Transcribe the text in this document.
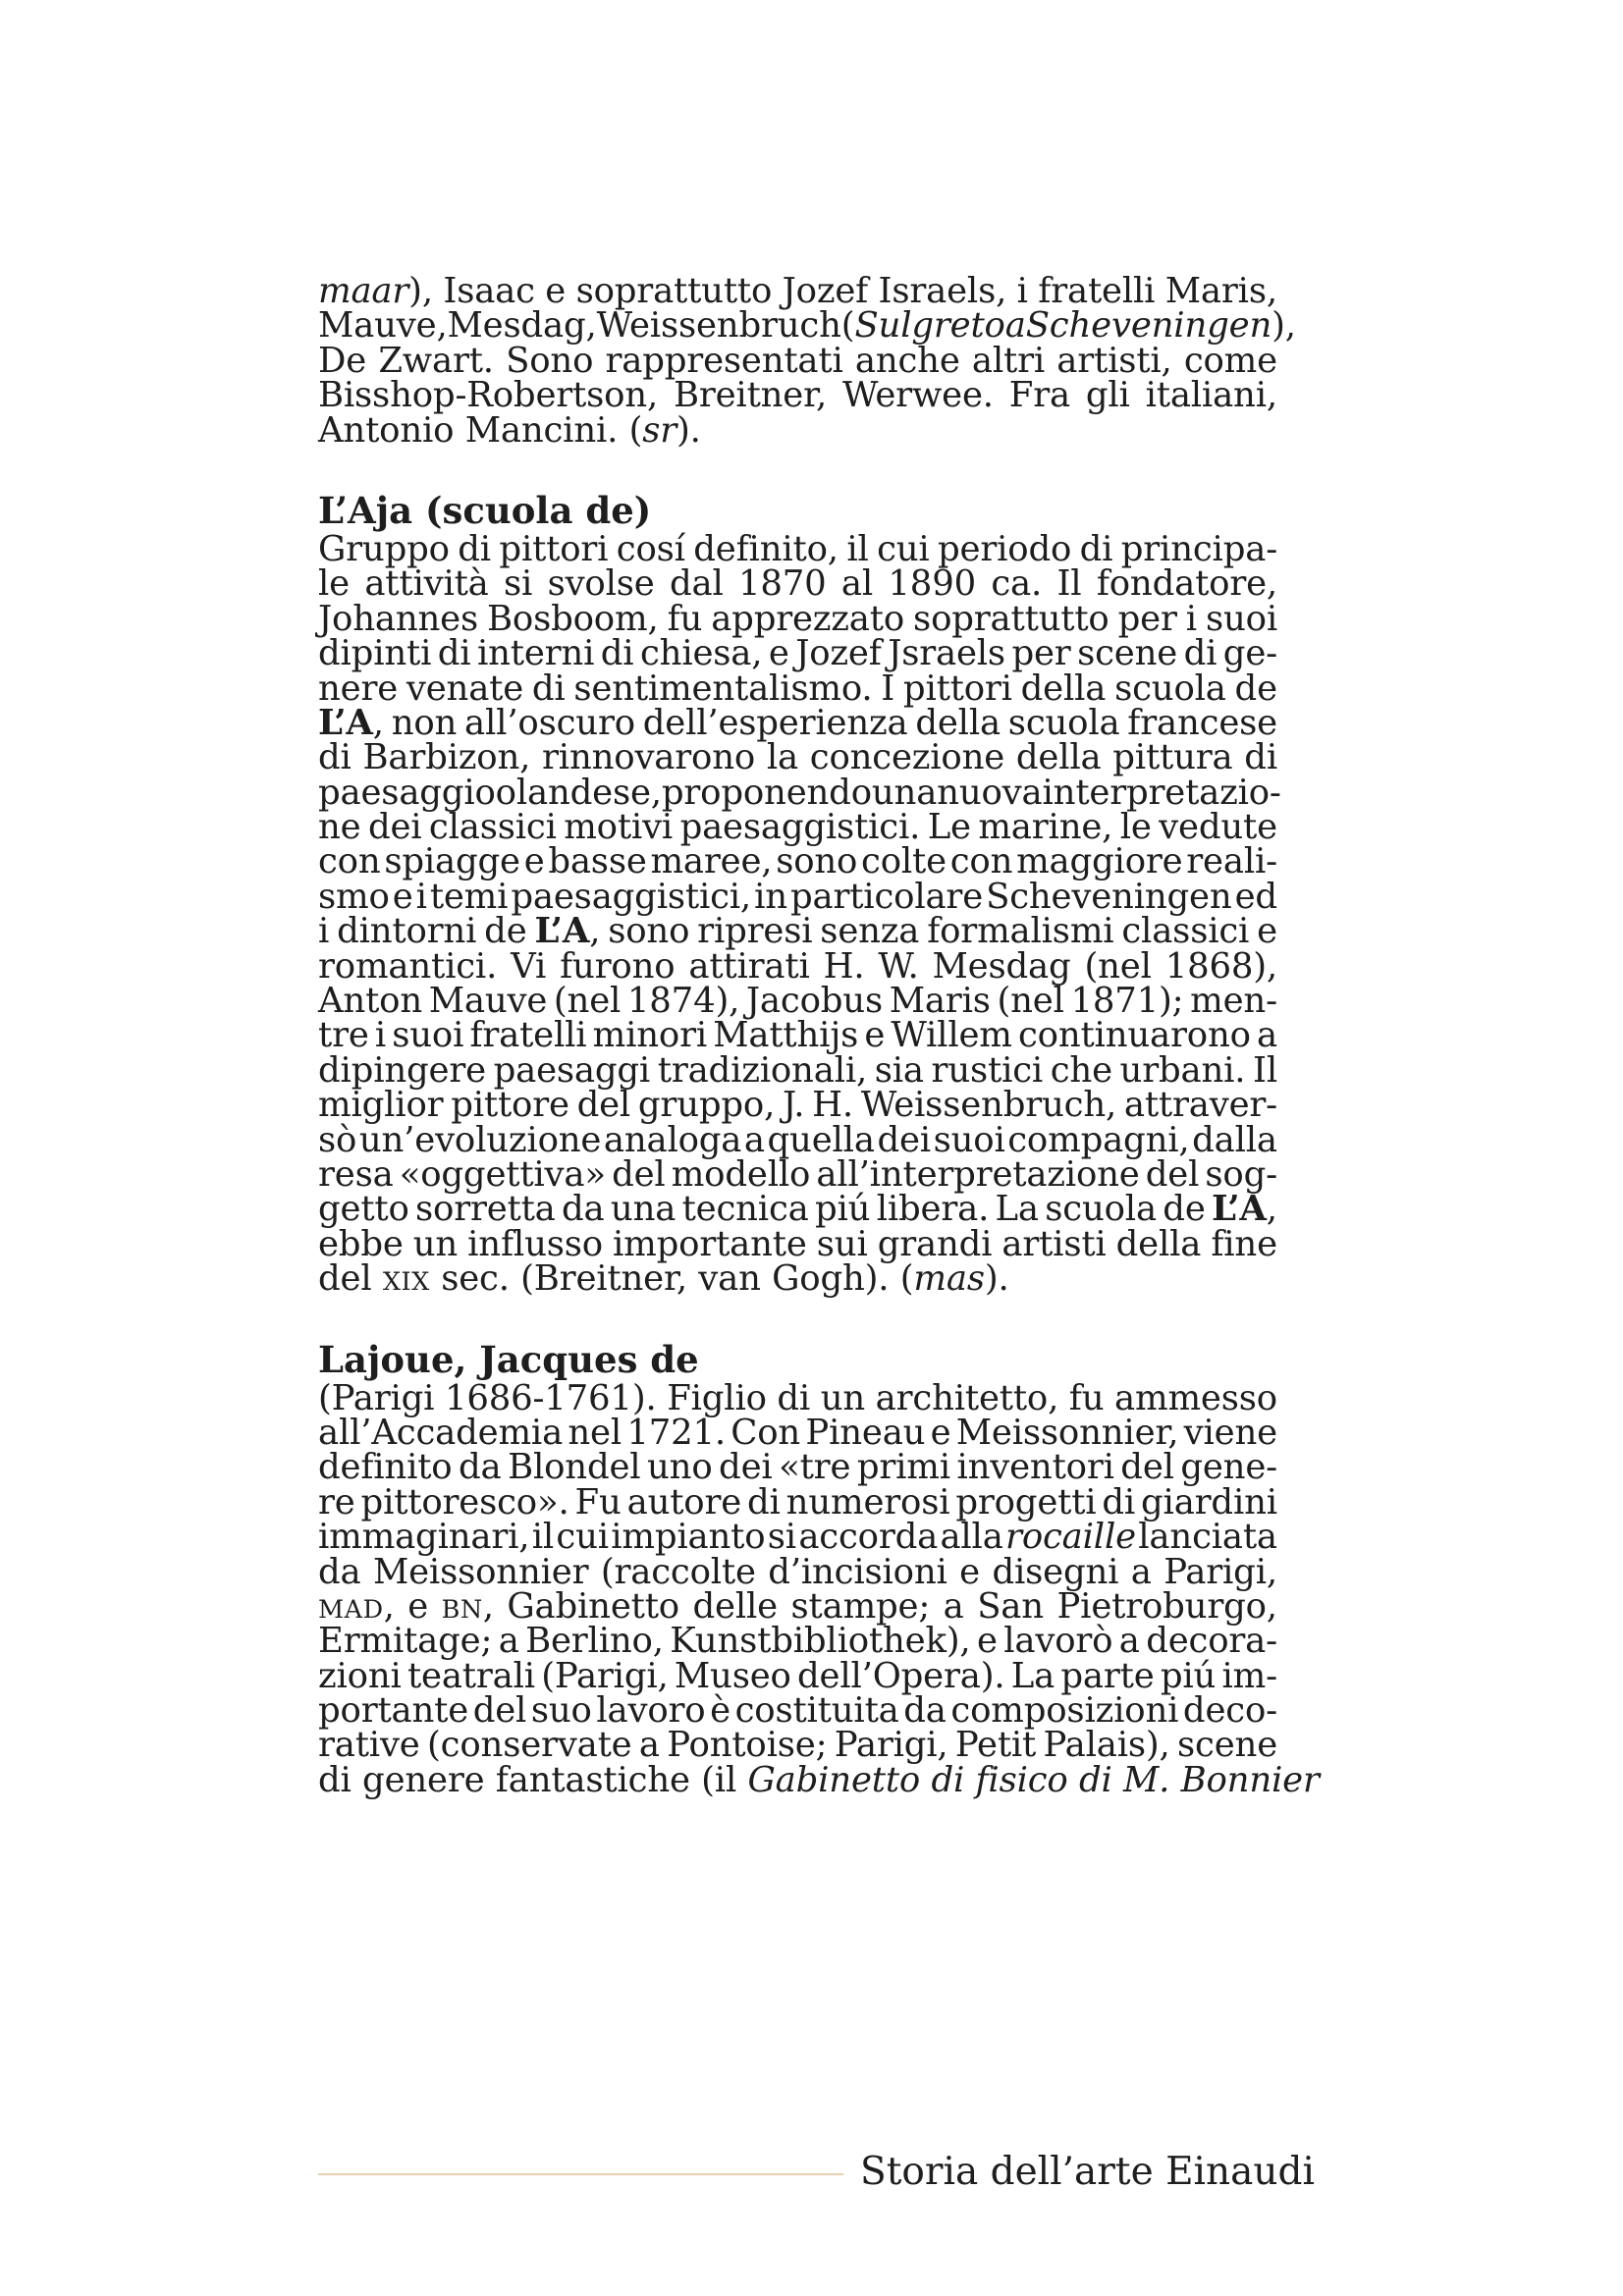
maar), Isaac e soprattutto Jozef Israels, i fratelli Maris,
Mauve, Mesdag, Weissenbruch (Sul greto a Scheveningen),
De Zwart. Sono rappresentati anche altri artisti, come
Bisshop-Robertson, Breitner, Werwee. Fra gli italiani,
Antonio Mancini. (sr).
L’Aja (scuola de)
Gruppo di pittori cosí definito, il cui periodo di principa-
le attività si svolse dal 1870 al 1890 ca. Il fondatore,
Johannes Bosboom, fu apprezzato soprattutto per i suoi
dipinti di interni di chiesa, e Jozef Jsraels per scene di ge-
nere venate di sentimentalismo. I pittori della scuola de
L’A, non all’oscuro dell’esperienza della scuola francese
di Barbizon, rinnovarono la concezione della pittura di
paesaggio olandese, proponendo una nuova interpretazio-
ne dei classici motivi paesaggistici. Le marine, le vedute
con spiagge e basse maree, sono colte con maggiore reali-
smo e i temi paesaggistici, in particolare Scheveningen ed
i dintorni de L’A, sono ripresi senza formalismi classici e
romantici. Vi furono attirati H. W. Mesdag (nel 1868),
Anton Mauve (nel 1874), Jacobus Maris (nel 1871); men-
tre i suoi fratelli minori Matthijs e Willem continuarono a
dipingere paesaggi tradizionali, sia rustici che urbani. Il
miglior pittore del gruppo, J. H. Weissenbruch, attraver-
sò un’evoluzione analoga a quella dei suoi compagni, dalla
resa «oggettiva» del modello all’interpretazione del sog-
getto sorretta da una tecnica piú libera. La scuola de L’A,
ebbe un influsso importante sui grandi artisti della fine
del XIX sec. (Breitner, van Gogh). (mas).
Lajoue, Jacques de
(Parigi 1686-1761). Figlio di un architetto, fu ammesso
all’Accademia nel 1721. Con Pineau e Meissonnier, viene
definito da Blondel uno dei «tre primi inventori del gene-
re pittoresco». Fu autore di numerosi progetti di giardini
immaginari, il cui impianto si accorda alla rocaille lanciata
da Meissonnier (raccolte d’incisioni e disegni a Parigi,
MAD, e BN, Gabinetto delle stampe; a San Pietroburgo,
Ermitage; a Berlino, Kunstbibliothek), e lavorò a decora-
zioni teatrali (Parigi, Museo dell’Opera). La parte piú im-
portante del suo lavoro è costituita da composizioni deco-
rative (conservate a Pontoise; Parigi, Petit Palais), scene
di genere fantastiche (il Gabinetto di fisico di M. Bonnier
Storia dell’arte Einaudi
